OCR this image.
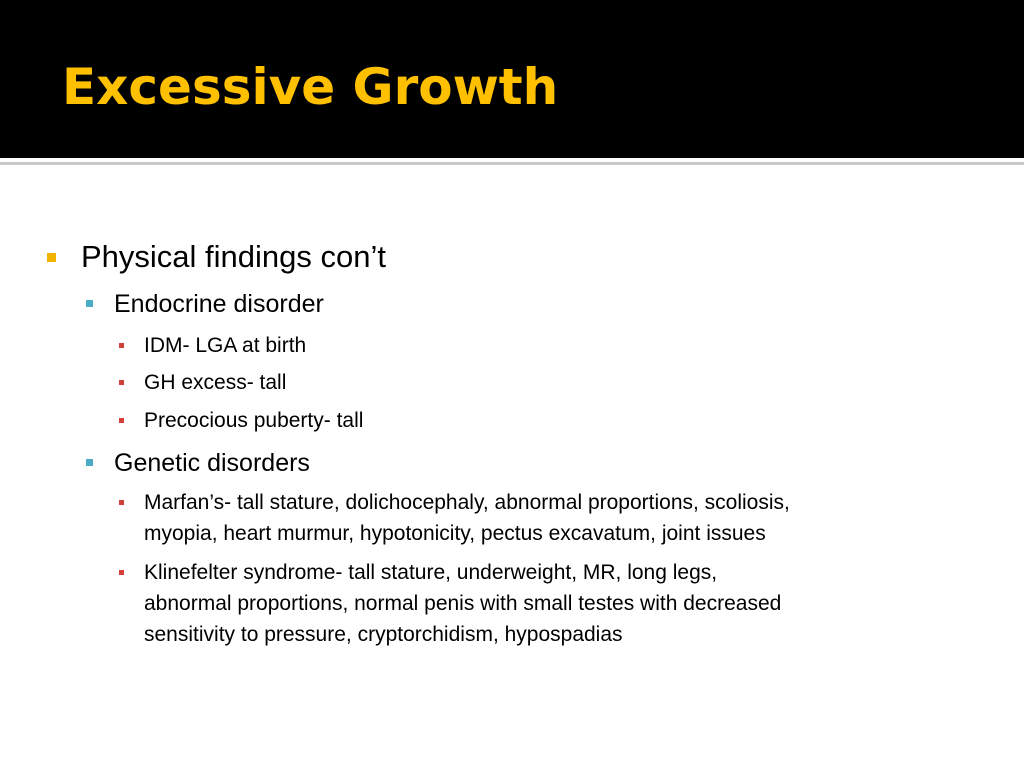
Excessive Growth
Physical findings con’t
Endocrine disorder
IDM- LGA at birth
GH excess- tall
Precocious puberty- tall
Genetic disorders
Marfan’s- tall stature, dolichocephaly, abnormal proportions, scoliosis,
myopia, heart murmur, hypotonicity, pectus excavatum, joint issues
Klinefelter syndrome- tall stature, underweight, MR, long legs,
abnormal proportions, normal penis with small testes with decreased
sensitivity to pressure, cryptorchidism, hypospadias
